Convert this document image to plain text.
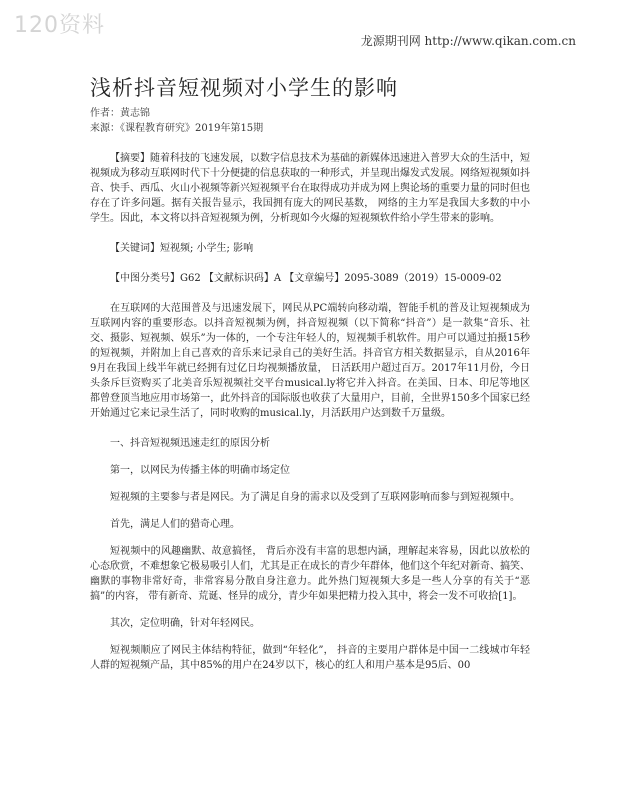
120资料
龙源期刊网 http://www.qikan.com.cn
浅析抖音短视频对小学生的影响
作者：黄志锦
来源：《课程教育研究》2019年第15期

【摘要】随着科技的飞速发展，以数字信息技术为基础的新媒体迅速进入普罗大众的生活中，短视频成为移动互联网时代下十分便捷的信息获取的一种形式，并呈现出爆发式发展。网络短视频如抖音、快手、西瓜、火山小视频等新兴短视频平台在取得成功并成为网上舆论场的重要力量的同时但也存在了许多问题。据有关报告显示，我国拥有庞大的网民基数， 网络的主力军是我国大多数的中小学生。因此，本文将以抖音短视频为例，分析现如今火爆的短视频软件给小学生带来的影响。

【关键词】短视频; 小学生; 影响

【中图分类号】G62 【文献标识码】A 【文章编号】2095-3089（2019）15-0009-02

在互联网的大范围普及与迅速发展下，网民从PC端转向移动端，智能手机的普及让短视频成为互联网内容的重要形态。以抖音短视频为例，抖音短视频（以下简称“抖音”）是一款集“音乐、社交、摄影、短视频、娱乐”为一体的，一个专注年轻人的，短视频手机软件。用户可以通过拍摄15秒的短视频，并附加上自己喜欢的音乐来记录自己的美好生活。抖音官方相关数据显示，自从2016年9月在我国上线半年就已经拥有过亿日均视频播放量， 日活跃用户超过百万。2017年11月份，今日头条斥巨资购买了北美音乐短视频社交平台musical.ly将它并入抖音。在美国、日本、印尼等地区都曾登顶当地应用市场第一，此外抖音的国际版也收获了大量用户，目前，全世界150多个国家已经开始通过它来记录生活了，同时收购的musical.ly，月活跃用户达到数千万量级。

一、抖音短视频迅速走红的原因分析

第一，以网民为传播主体的明确市场定位

短视频的主要参与者是网民。为了满足自身的需求以及受到了互联网影响而参与到短视频中。

首先，满足人们的猎奇心理。

短视频中的风趣幽默、故意搞怪， 背后亦没有丰富的思想内涵，理解起来容易，因此以放松的心态欣赏，不难想象它极易吸引人们，尤其是正在成长的青少年群体，他们这个年纪对新奇、搞笑、幽默的事物非常好奇，非常容易分散自身注意力。此外热门短视频大多是一些人分享的有关于“恶搞”的内容， 带有新奇、荒诞、怪异的成分，青少年如果把精力投入其中，将会一发不可收拾[1]。

其次，定位明确，针对年轻网民。

短视频顺应了网民主体结构特征，做到“年轻化”， 抖音的主要用户群体是中国一二线城市年轻人群的短视频产品，其中85%的用户在24岁以下，核心的红人和用户基本是95后、00
